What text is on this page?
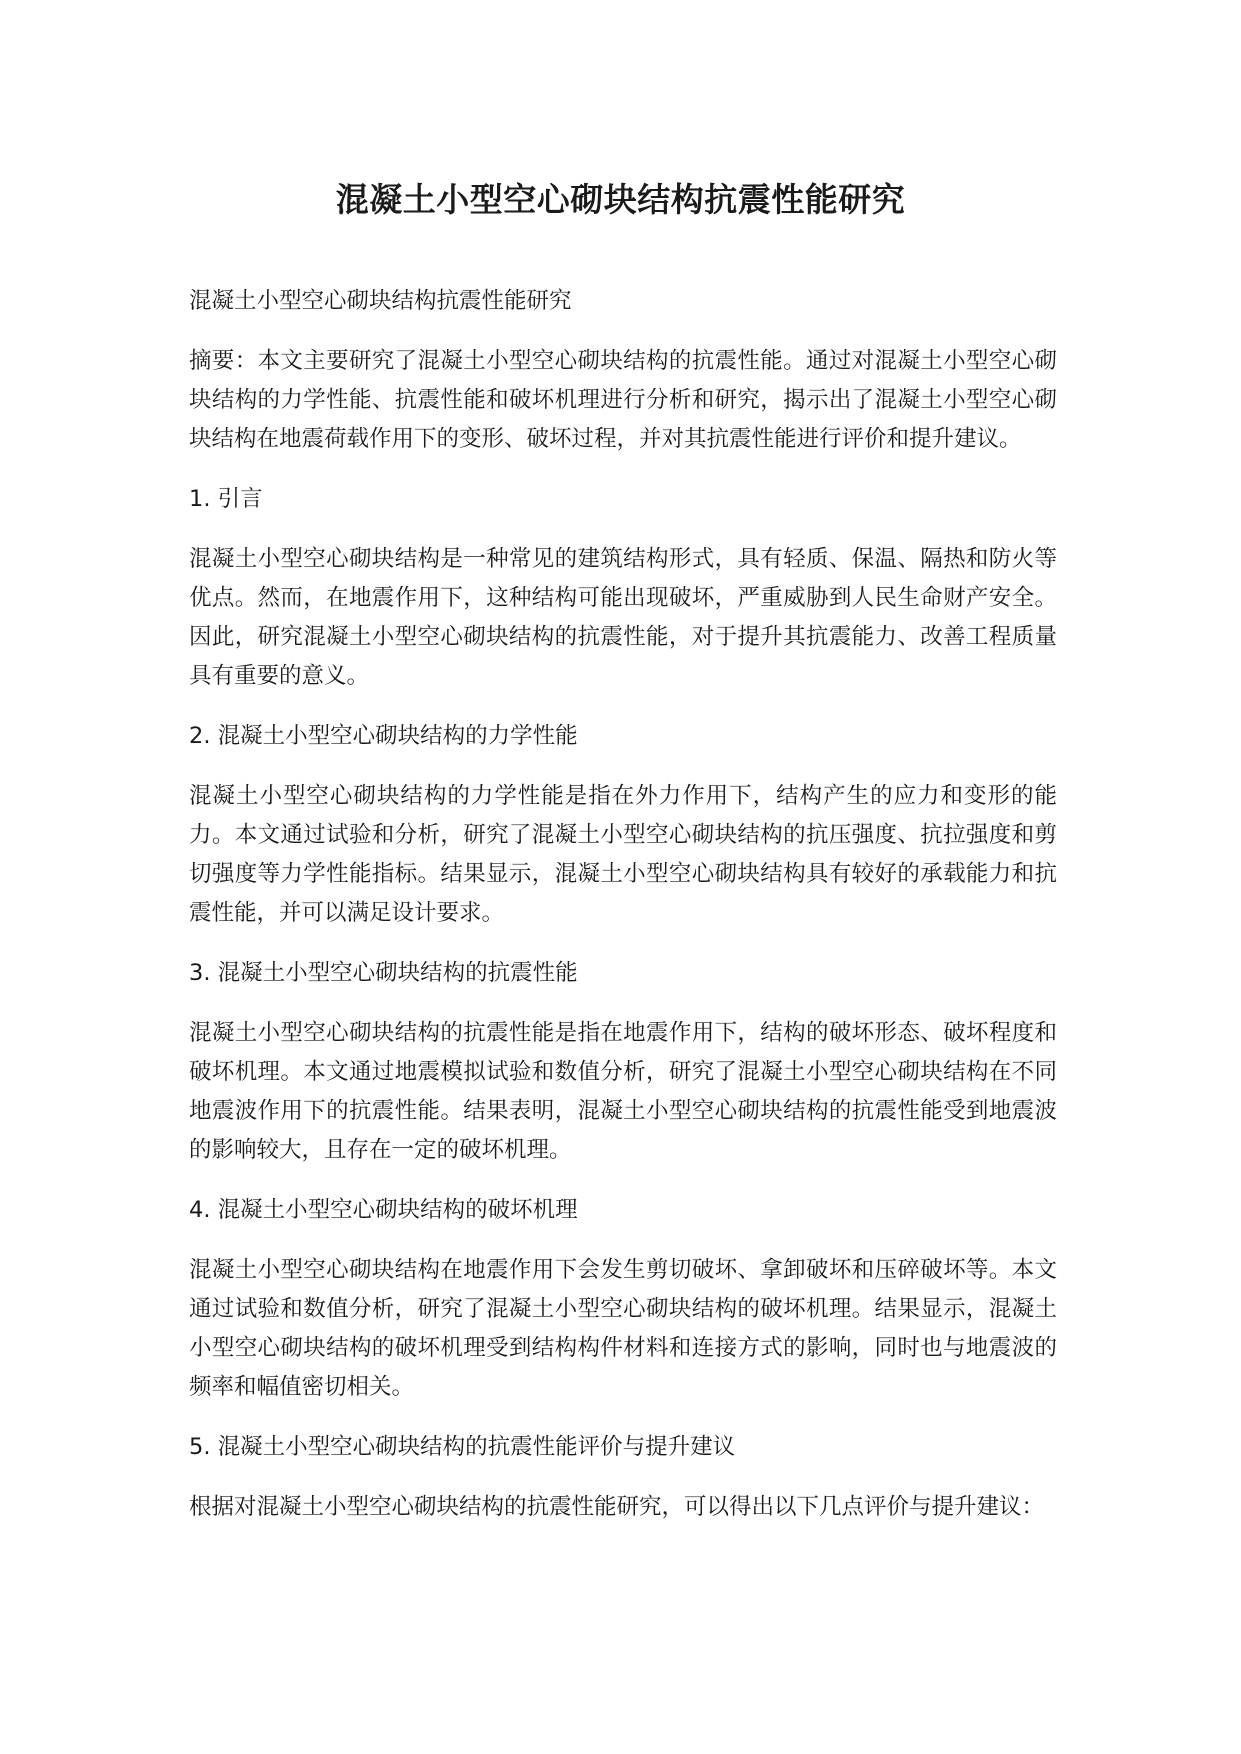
混凝土小型空心砌块结构抗震性能研究

混凝土小型空心砌块结构抗震性能研究

摘要：本文主要研究了混凝土小型空心砌块结构的抗震性能。通过对混凝土小型空心砌块结构的力学性能、抗震性能和破坏机理进行分析和研究，揭示出了混凝土小型空心砌块结构在地震荷载作用下的变形、破坏过程，并对其抗震性能进行评价和提升建议。

1. 引言

混凝土小型空心砌块结构是一种常见的建筑结构形式，具有轻质、保温、隔热和防火等优点。然而，在地震作用下，这种结构可能出现破坏，严重威胁到人民生命财产安全。因此，研究混凝土小型空心砌块结构的抗震性能，对于提升其抗震能力、改善工程质量具有重要的意义。

2. 混凝土小型空心砌块结构的力学性能

混凝土小型空心砌块结构的力学性能是指在外力作用下，结构产生的应力和变形的能力。本文通过试验和分析，研究了混凝土小型空心砌块结构的抗压强度、抗拉强度和剪切强度等力学性能指标。结果显示，混凝土小型空心砌块结构具有较好的承载能力和抗震性能，并可以满足设计要求。

3. 混凝土小型空心砌块结构的抗震性能

混凝土小型空心砌块结构的抗震性能是指在地震作用下，结构的破坏形态、破坏程度和破坏机理。本文通过地震模拟试验和数值分析，研究了混凝土小型空心砌块结构在不同地震波作用下的抗震性能。结果表明，混凝土小型空心砌块结构的抗震性能受到地震波的影响较大，且存在一定的破坏机理。

4. 混凝土小型空心砌块结构的破坏机理

混凝土小型空心砌块结构在地震作用下会发生剪切破坏、拿卸破坏和压碎破坏等。本文通过试验和数值分析，研究了混凝土小型空心砌块结构的破坏机理。结果显示，混凝土小型空心砌块结构的破坏机理受到结构构件材料和连接方式的影响，同时也与地震波的频率和幅值密切相关。

5. 混凝土小型空心砌块结构的抗震性能评价与提升建议

根据对混凝土小型空心砌块结构的抗震性能研究，可以得出以下几点评价与提升建议：
